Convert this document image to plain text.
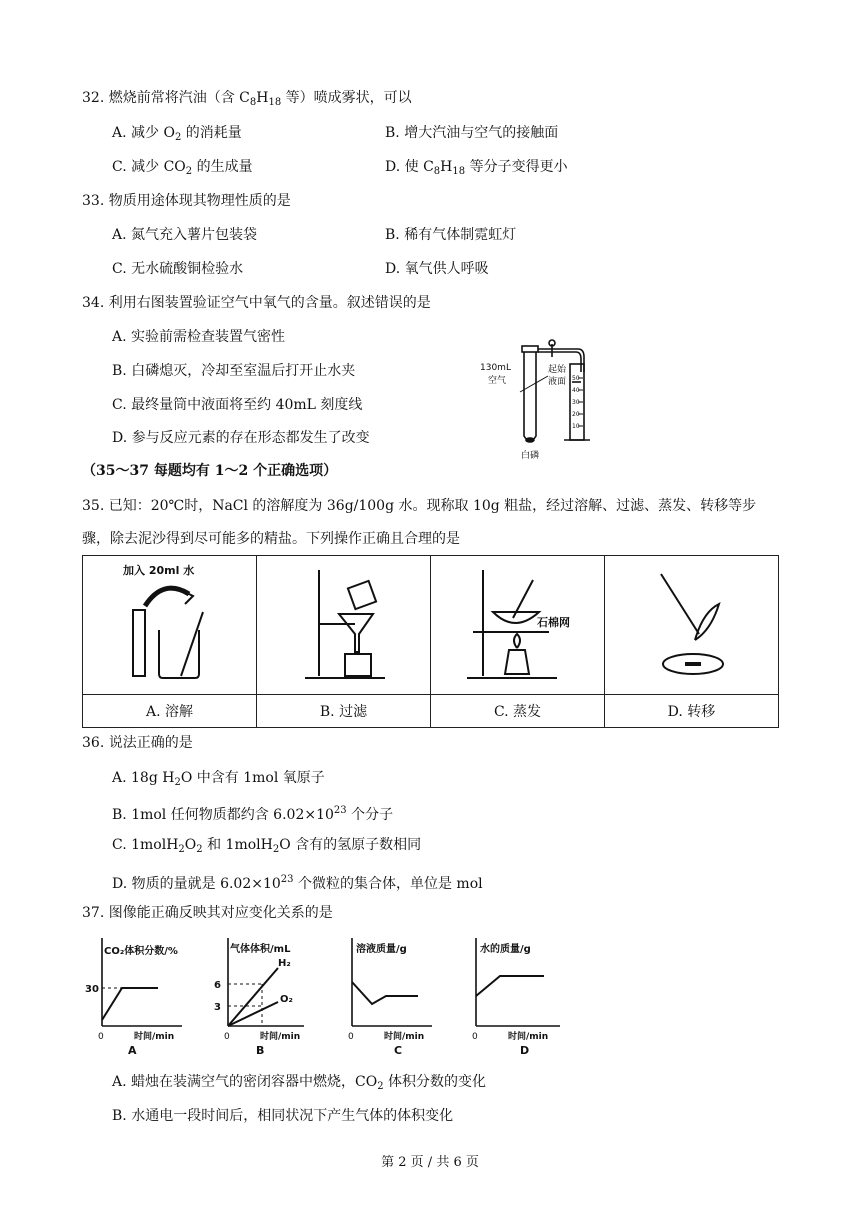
32. 燃烧前常将汽油（含 $C_8H_{18}$ 等）喷成雾状，可以
A. 减少 $O_2$ 的消耗量	B. 增大汽油与空气的接触面
C. 减少 $CO_2$ 的生成量	D. 使 $C_8H_{18}$ 等分子变得更小
33. 物质用途体现其物理性质的是
A. 氮气充入薯片包装袋	B. 稀有气体制霓虹灯
C. 无水硫酸铜检验水	D. 氧气供人呼吸
34. 利用右图装置验证空气中氧气的含量。叙述错误的是
A. 实验前需检查装置气密性
B. 白磷熄灭，冷却至室温后打开止水夹
C. 最终量筒中液面将至约 40mL 刻度线
D. 参与反应元素的存在形态都发生了改变
130mL
空气
起始
液面
白磷
50
40
30
20
10
（35～37 每题均有 1～2 个正确选项）
35. 已知：20℃时，NaCl 的溶解度为 36g/100g 水。现称取 10g 粗盐，经过溶解、过滤、蒸发、转移等步
骤，除去泥沙得到尽可能多的精盐。下列操作正确且合理的是
加入 20ml 水		石棉网

A. 溶解	B. 过滤	C. 蒸发	D. 转移
36. 说法正确的是
A. 18g $H_2O$ 中含有 1mol 氧原子
B. 1mol 任何物质都约含 $6.02\times 10^{23}$ 个分子
C. $1molH_2O_2$ 和 1molH$_2$O 含有的氢原子数相同
D. 物质的量就是 $6.02\times 10^{23}$ 个微粒的集合体，单位是 mol
37. 图像能正确反映其对应变化关系的是
CO₂体积分数/%
30
0	时间/min
A
气体体积/mL
6
3
H₂
O₂
0	时间/min
B
溶液质量/g
0	时间/min
C
水的质量/g
0	时间/min
D
A. 蜡烛在装满空气的密闭容器中燃烧，$CO_2$ 体积分数的变化
B. 水通电一段时间后，相同状况下产生气体的体积变化
第 2 页 / 共 6 页
